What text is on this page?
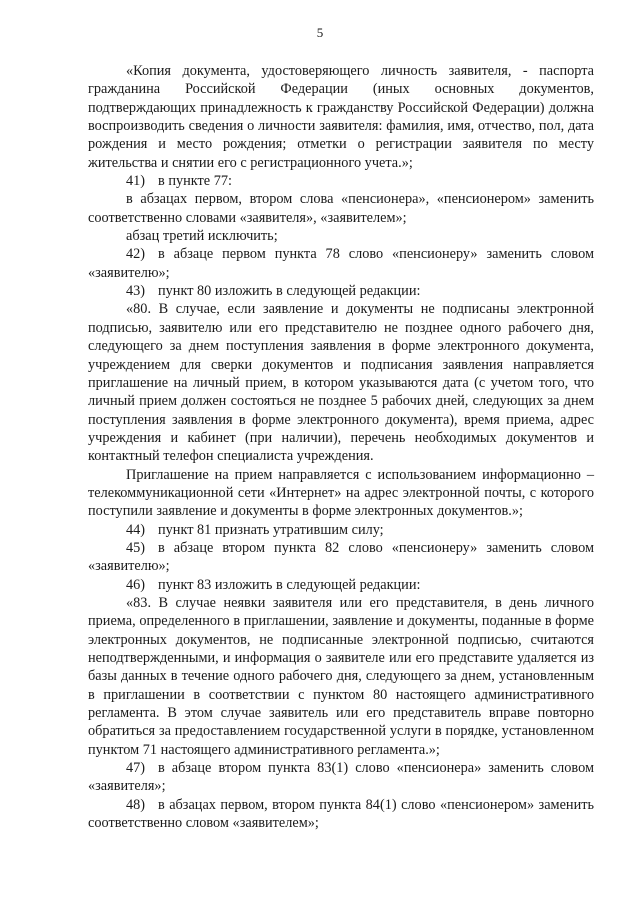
5

«Копия документа, удостоверяющего личность заявителя, - паспорта гражданина Российской Федерации (иных основных документов, подтверждающих принадлежность к гражданству Российской Федерации) должна воспроизводить сведения о личности заявителя: фамилия, имя, отчество, пол, дата рождения и место рождения; отметки о регистрации заявителя по месту жительства и снятии его с регистрационного учета.»;

41) в пункте 77:

в абзацах первом, втором слова «пенсионера», «пенсионером» заменить соответственно словами «заявителя», «заявителем»;

абзац третий исключить;

42) в абзаце первом пункта 78 слово «пенсионеру» заменить словом «заявителю»;

43) пункт 80 изложить в следующей редакции:

«80. В случае, если заявление и документы не подписаны электронной подписью, заявителю или его представителю не позднее одного рабочего дня, следующего за днем поступления заявления в форме электронного документа, учреждением для сверки документов и подписания заявления направляется приглашение на личный прием, в котором указываются дата (с учетом того, что личный прием должен состояться не позднее 5 рабочих дней, следующих за днем поступления заявления в форме электронного документа), время приема, адрес учреждения и кабинет (при наличии), перечень необходимых документов и контактный телефон специалиста учреждения.

Приглашение на прием направляется с использованием информационно – телекоммуникационной сети «Интернет» на адрес электронной почты, с которого поступили заявление и документы в форме электронных документов.»;

44) пункт 81 признать утратившим силу;

45) в абзаце втором пункта 82 слово «пенсионеру» заменить словом «заявителю»;

46) пункт 83 изложить в следующей редакции:

«83. В случае неявки заявителя или его представителя, в день личного приема, определенного в приглашении, заявление и документы, поданные в форме электронных документов, не подписанные электронной подписью, считаются неподтвержденными, и информация о заявителе или его представите удаляется из базы данных в течение одного рабочего дня, следующего за днем, установленным в приглашении в соответствии с пунктом 80 настоящего административного регламента. В этом случае заявитель или его представитель вправе повторно обратиться за предоставлением государственной услуги в порядке, установленном пунктом 71 настоящего административного регламента.»;

47) в абзаце втором пункта 83(1) слово «пенсионера» заменить словом «заявителя»;

48) в абзацах первом, втором пункта 84(1) слово «пенсионером» заменить соответственно словом «заявителем»;
